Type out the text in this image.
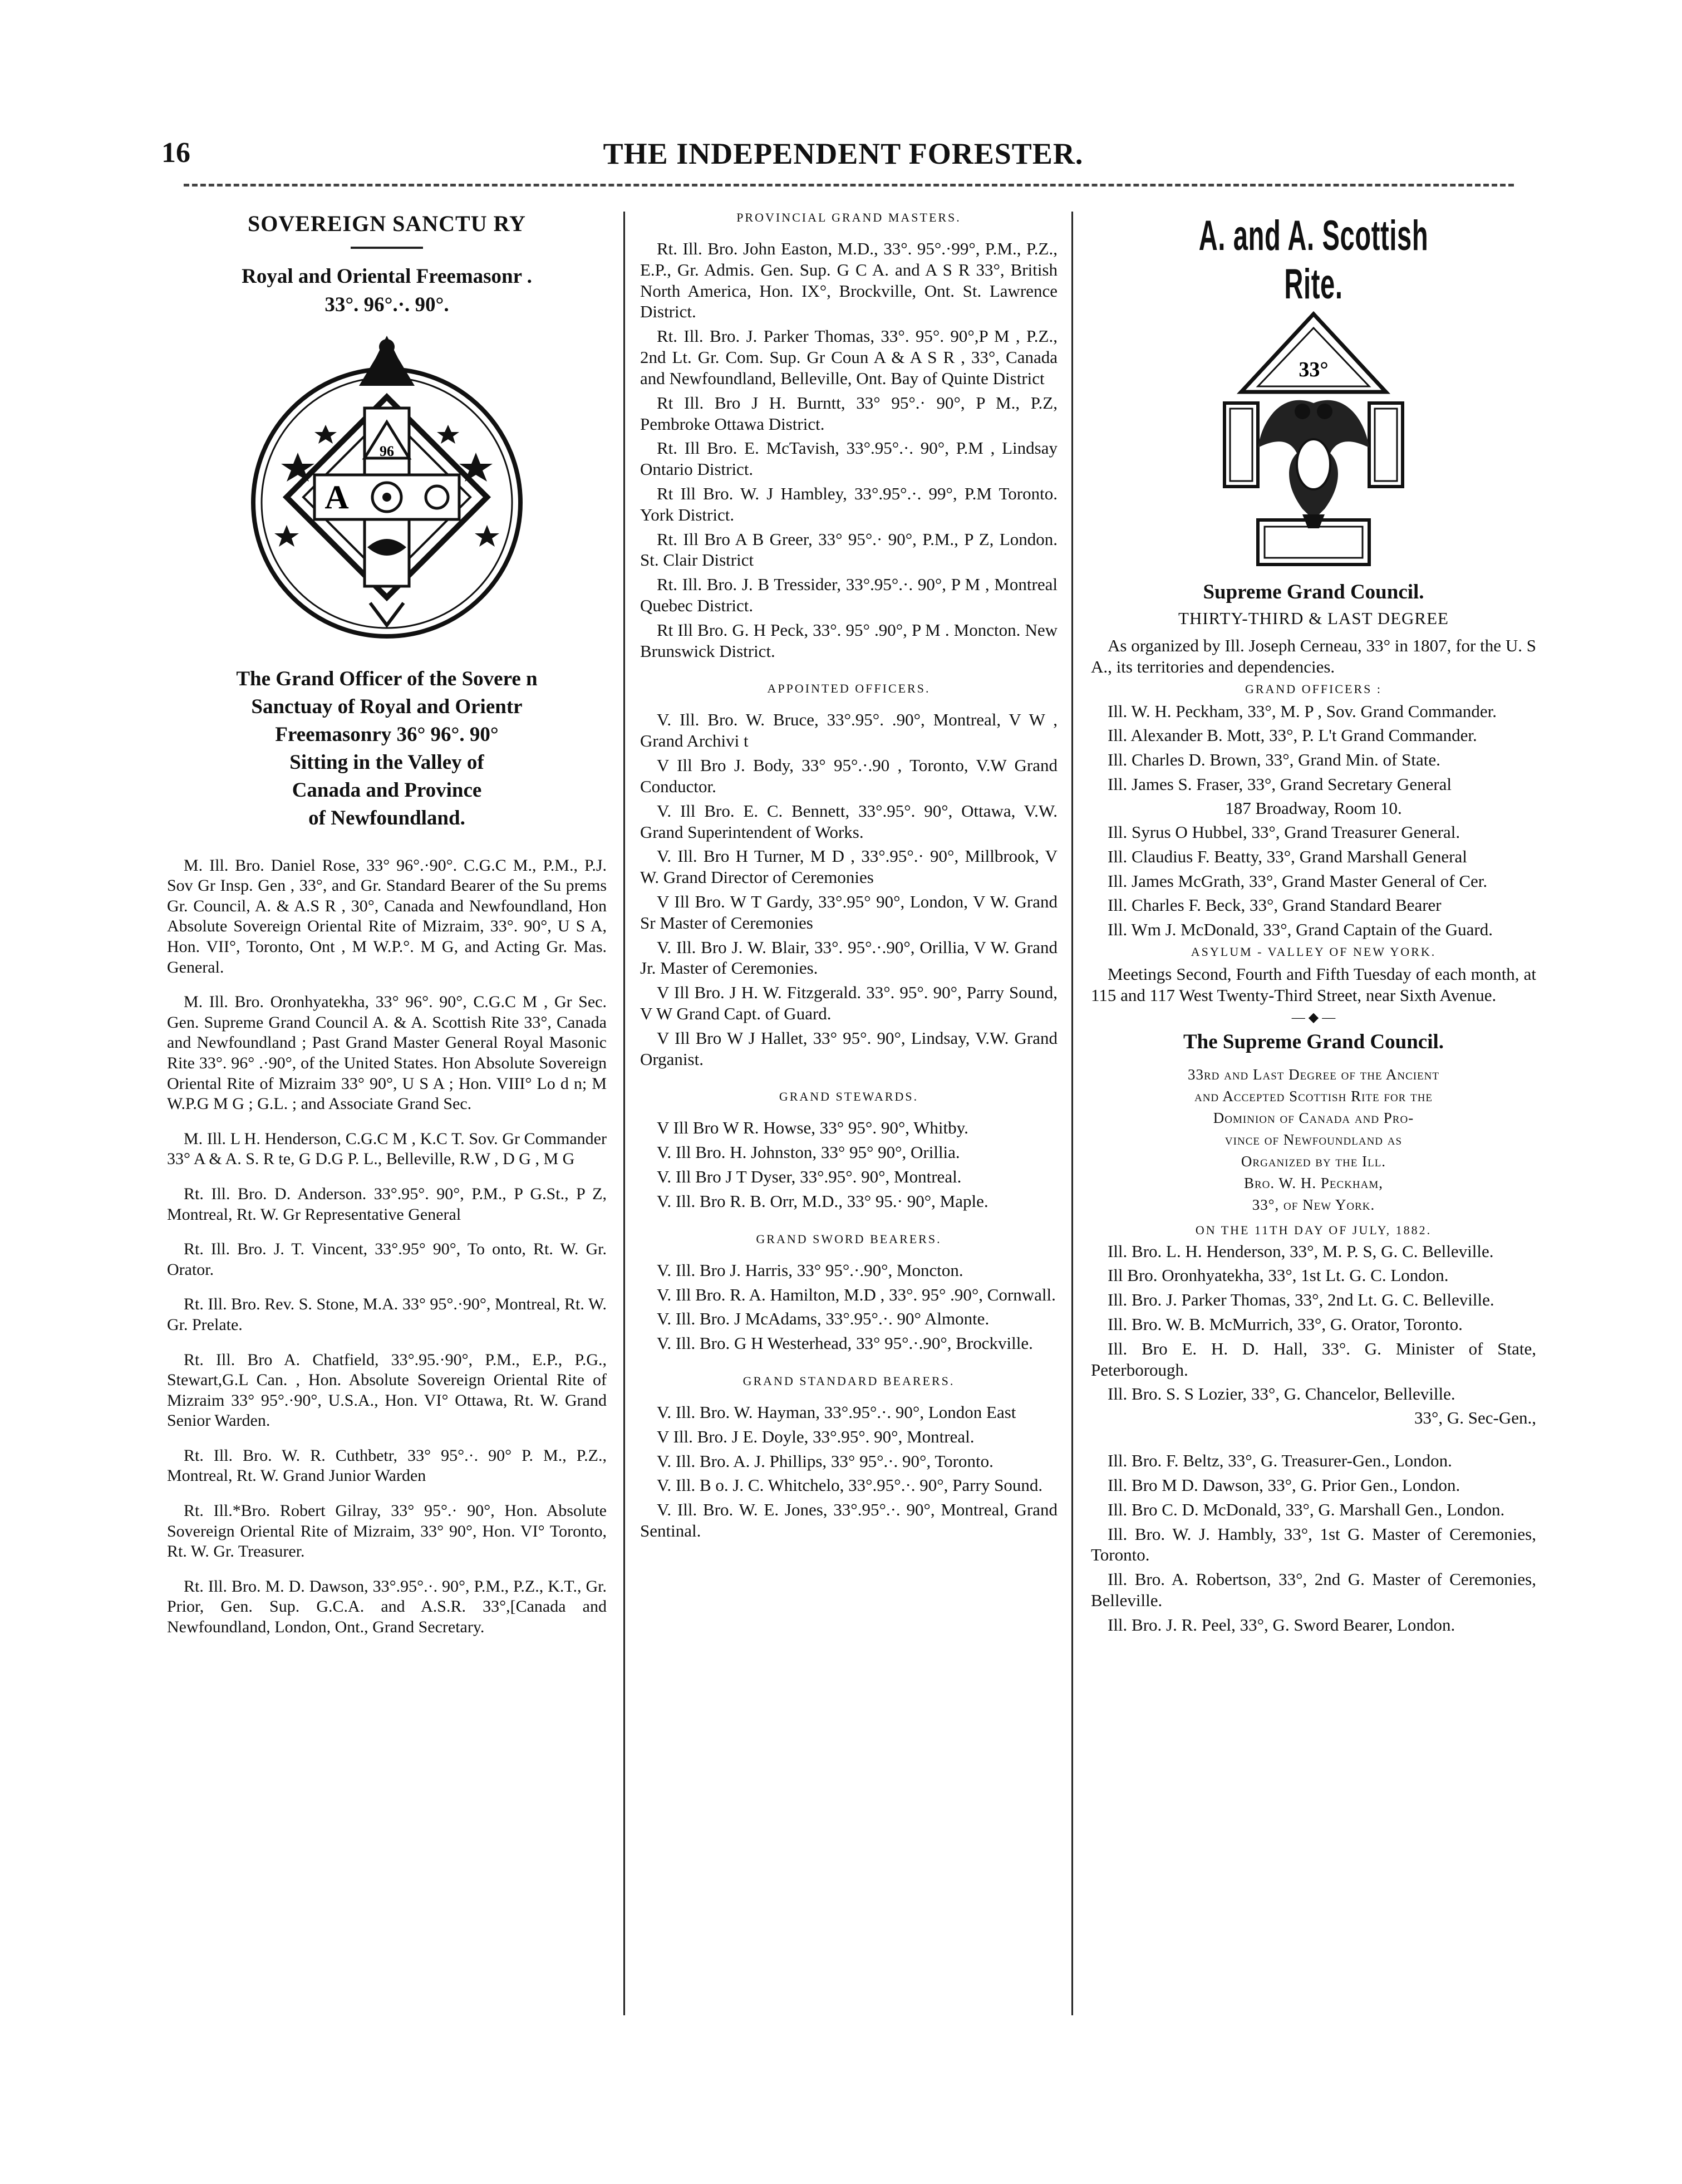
16	THE INDEPENDENT FORESTER.
SOVEREIGN SANCTU RY
Royal and Oriental Freemasonr .
33°. 96°.·. 90°.
96
A
The Grand Officer of the Sovere n
Sanctuay of Royal and Orientr
Freemasonry 36° 96°. 90°
Sitting in the Valley of
Canada and Province
of Newfoundland.

M. Ill. Bro. Daniel Rose, 33° 96°.·90°. C.G.C M., P.M., P.J. Sov Gr Insp. Gen , 33°, and Gr. Standard Bearer of the Su prems Gr. Council, A. & A.S R , 30°, Canada and Newfoundland, Hon Absolute Sovereign Oriental Rite of Mizraim, 33°. 90°, U S A, Hon. VII°, Toronto, Ont , M W.P.°. M G, and Acting Gr. Mas. General.

M. Ill. Bro. Oronhyatekha, 33° 96°. 90°, C.G.C M , Gr Sec. Gen. Supreme Grand Council A. & A. Scottish Rite 33°, Canada and Newfoundland ; Past Grand Master General Royal Masonic Rite 33°. 96° .·90°, of the United States. Hon Absolute Sovereign Oriental Rite of Mizraim 33° 90°, U S A ; Hon. VIII° Lo d n; M W.P.G M G ; G.L. ; and Associate Grand Sec.

M. Ill. L H. Henderson, C.G.C M , K.C T. Sov. Gr Commander 33° A & A. S. R te, G D.G P. L., Belleville, R.W , D G , M G

Rt. Ill. Bro. D. Anderson. 33°.95°. 90°, P.M., P G.St., P Z, Montreal, Rt. W. Gr Representative General

Rt. Ill. Bro. J. T. Vincent, 33°.95° 90°, To onto, Rt. W. Gr. Orator.

Rt. Ill. Bro. Rev. S. Stone, M.A. 33° 95°.·90°, Montreal, Rt. W. Gr. Prelate.

Rt. Ill. Bro A. Chatfield, 33°.95.·90°, P.M., E.P., P.G., Stewart,G.L Can. , Hon. Absolute Sovereign Oriental Rite of Mizraim 33° 95°.·90°, U.S.A., Hon. VI° Ottawa, Rt. W. Grand Senior Warden.

Rt. Ill. Bro. W. R. Cuthbetr, 33° 95°.·. 90° P. M., P.Z., Montreal, Rt. W. Grand Junior Warden

Rt. Ill.*Bro. Robert Gilray, 33° 95°.· 90°, Hon. Absolute Sovereign Oriental Rite of Mizraim, 33° 90°, Hon. VI° Toronto, Rt. W. Gr. Treasurer.

Rt. Ill. Bro. M. D. Dawson, 33°.95°.·. 90°, P.M., P.Z., K.T., Gr. Prior, Gen. Sup. G.C.A. and A.S.R. 33°,[Canada and Newfoundland, London, Ont., Grand Secretary.

PROVINCIAL GRAND MASTERS.

Rt. Ill. Bro. John Easton, M.D., 33°. 95°.·99°, P.M., P.Z., E.P., Gr. Admis. Gen. Sup. G C A. and A S R 33°, British North America, Hon. IX°, Brockville, Ont. St. Lawrence District.

Rt. Ill. Bro. J. Parker Thomas, 33°. 95°. 90°,P M , P.Z., 2nd Lt. Gr. Com. Sup. Gr Coun A & A S R , 33°, Canada and Newfoundland, Belleville, Ont. Bay of Quinte District

Rt Ill. Bro J H. Burntt, 33° 95°.· 90°, P M., P.Z, Pembroke Ottawa District.

Rt. Ill Bro. E. McTavish, 33°.95°.·. 90°, P.M , Lindsay Ontario District.

Rt Ill Bro. W. J Hambley, 33°.95°.·. 99°, P.M Toronto. York District.

Rt. Ill Bro A B Greer, 33° 95°.· 90°, P.M., P Z, London. St. Clair District

Rt. Ill. Bro. J. B Tressider, 33°.95°.·. 90°, P M , Montreal Quebec District.

Rt Ill Bro. G. H Peck, 33°. 95° .90°, P M . Moncton. New Brunswick District.

APPOINTED OFFICERS.

V. Ill. Bro. W. Bruce, 33°.95°. .90°, Montreal, V W , Grand Archivi t

V Ill Bro J. Body, 33° 95°.·.90 , Toronto, V.W Grand Conductor.

V. Ill Bro. E. C. Bennett, 33°.95°. 90°, Ottawa, V.W. Grand Superintendent of Works.

V. Ill. Bro H Turner, M D , 33°.95°.· 90°, Millbrook, V W. Grand Director of Ceremonies

V Ill Bro. W T Gardy, 33°.95° 90°, London, V W. Grand Sr Master of Ceremonies

V. Ill. Bro J. W. Blair, 33°. 95°.·.90°, Orillia, V W. Grand Jr. Master of Ceremonies.

V Ill Bro. J H. W. Fitzgerald. 33°. 95°. 90°, Parry Sound, V W Grand Capt. of Guard.

V Ill Bro W J Hallet, 33° 95°. 90°, Lindsay, V.W. Grand Organist.

GRAND STEWARDS.

V Ill Bro W R. Howse, 33° 95°. 90°, Whitby.

V. Ill Bro. H. Johnston, 33° 95° 90°, Orillia.

V. Ill Bro J T Dyser, 33°.95°. 90°, Montreal.

V. Ill. Bro R. B. Orr, M.D., 33° 95.· 90°, Maple.

GRAND SWORD BEARERS.

V. Ill. Bro J. Harris, 33° 95°.·.90°, Moncton.

V. Ill Bro. R. A. Hamilton, M.D , 33°. 95° .90°, Cornwall.

V. Ill. Bro. J McAdams, 33°.95°.·. 90° Almonte.

V. Ill. Bro. G H Westerhead, 33° 95°.·.90°, Brockville.

GRAND STANDARD BEARERS.

V. Ill. Bro. W. Hayman, 33°.95°.·. 90°, London East

V Ill. Bro. J E. Doyle, 33°.95°. 90°, Montreal.

V. Ill. Bro. A. J. Phillips, 33° 95°.·. 90°, Toronto.

V. Ill. B o. J. C. Whitchelo, 33°.95°.·. 90°, Parry Sound.

V. Ill. Bro. W. E. Jones, 33°.95°.·. 90°, Montreal, Grand Sentinal.

A. and A. Scottish Rite.
33°
Supreme Grand Council.
THIRTY-THIRD & LAST DEGREE

As organized by Ill. Joseph Cerneau, 33° in 1807, for the U. S A., its territories and dependencies.

GRAND OFFICERS :

Ill. W. H. Peckham, 33°, M. P , Sov. Grand Commander.

Ill. Alexander B. Mott, 33°, P. L't Grand Commander.

Ill. Charles D. Brown, 33°, Grand Min. of State.

Ill. James S. Fraser, 33°, Grand Secretary General

187 Broadway, Room 10.

Ill. Syrus O Hubbel, 33°, Grand Treasurer General.

Ill. Claudius F. Beatty, 33°, Grand Marshall General

Ill. James McGrath, 33°, Grand Master General of Cer.

Ill. Charles F. Beck, 33°, Grand Standard Bearer

Ill. Wm J. McDonald, 33°, Grand Captain of the Guard.

ASYLUM - VALLEY OF NEW YORK.

Meetings Second, Fourth and Fifth Tuesday of each month, at 115 and 117 West Twenty-Third Street, near Sixth Avenue.

— ◆ —
The Supreme Grand Council.
33rd and Last Degree of the Ancient
and Accepted Scottish Rite for the
Dominion of Canada and Pro-
vince of Newfoundland as
Organized by the Ill.
Bro. W. H. Peckham,
33°, of New York.
ON THE 11TH DAY OF JULY, 1882.

Ill. Bro. L. H. Henderson, 33°, M. P. S, G. C. Belleville.

Ill Bro. Oronhyatekha, 33°, 1st Lt. G. C. London.

Ill. Bro. J. Parker Thomas, 33°, 2nd Lt. G. C. Belleville.

Ill. Bro. W. B. McMurrich, 33°, G. Orator, Toronto.

Ill. Bro E. H. D. Hall, 33°. G. Minister of State, Peterborough.

Ill. Bro. S. S Lozier, 33°, G. Chancelor, Belleville.

33°, G. Sec-Gen.,

Ill. Bro. F. Beltz, 33°, G. Treasurer-Gen., London.

Ill. Bro M D. Dawson, 33°, G. Prior Gen., London.

Ill. Bro C. D. McDonald, 33°, G. Marshall Gen., London.

Ill. Bro. W. J. Hambly, 33°, 1st G. Master of Ceremonies, Toronto.

Ill. Bro. A. Robertson, 33°, 2nd G. Master of Ceremonies, Belleville.

Ill. Bro. J. R. Peel, 33°, G. Sword Bearer, London.
